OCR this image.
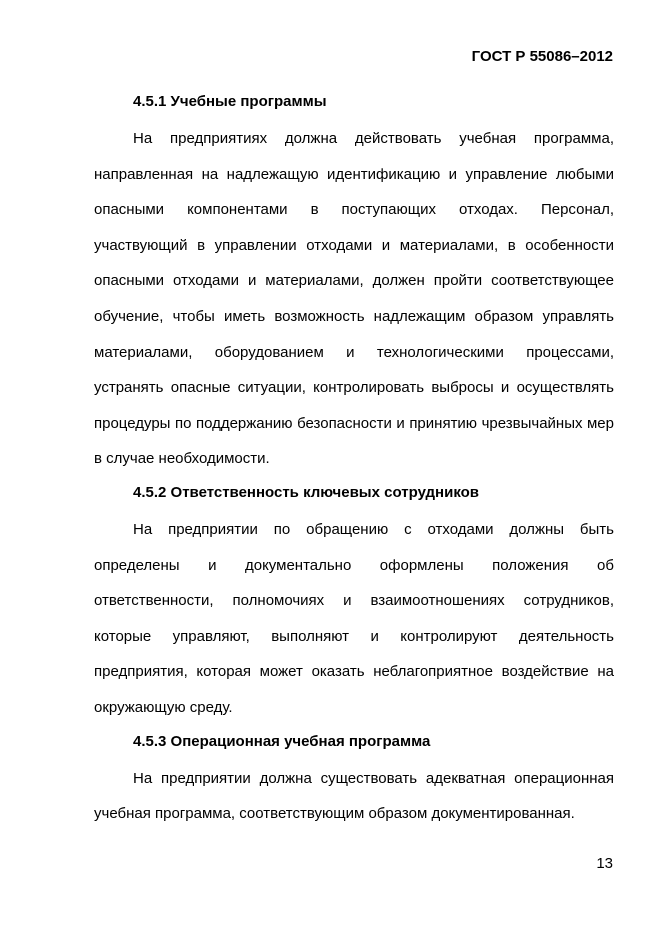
ГОСТ Р 55086–2012
4.5.1 Учебные программы

На предприятиях должна действовать учебная программа, направленная на надлежащую идентификацию и управление любыми опасными компонентами в поступающих отходах. Персонал, участвующий в управлении отходами и материалами, в особенности опасными отходами и материалами, должен пройти соответствующее обучение, чтобы иметь возможность надлежащим образом управлять материалами, оборудованием и технологическими процессами, устранять опасные ситуации, контролировать выбросы и осуществлять процедуры по поддержанию безопасности и принятию чрезвычайных мер в случае необходимости.

4.5.2 Ответственность ключевых сотрудников

На предприятии по обращению с отходами должны быть определены и документально оформлены положения об ответственности, полномочиях и взаимоотношениях сотрудников, которые управляют, выполняют и контролируют деятельность предприятия, которая может оказать неблагоприятное воздействие на окружающую среду.

4.5.3 Операционная учебная программа

На предприятии должна существовать адекватная операционная учебная программа, соответствующим образом документированная.

13
